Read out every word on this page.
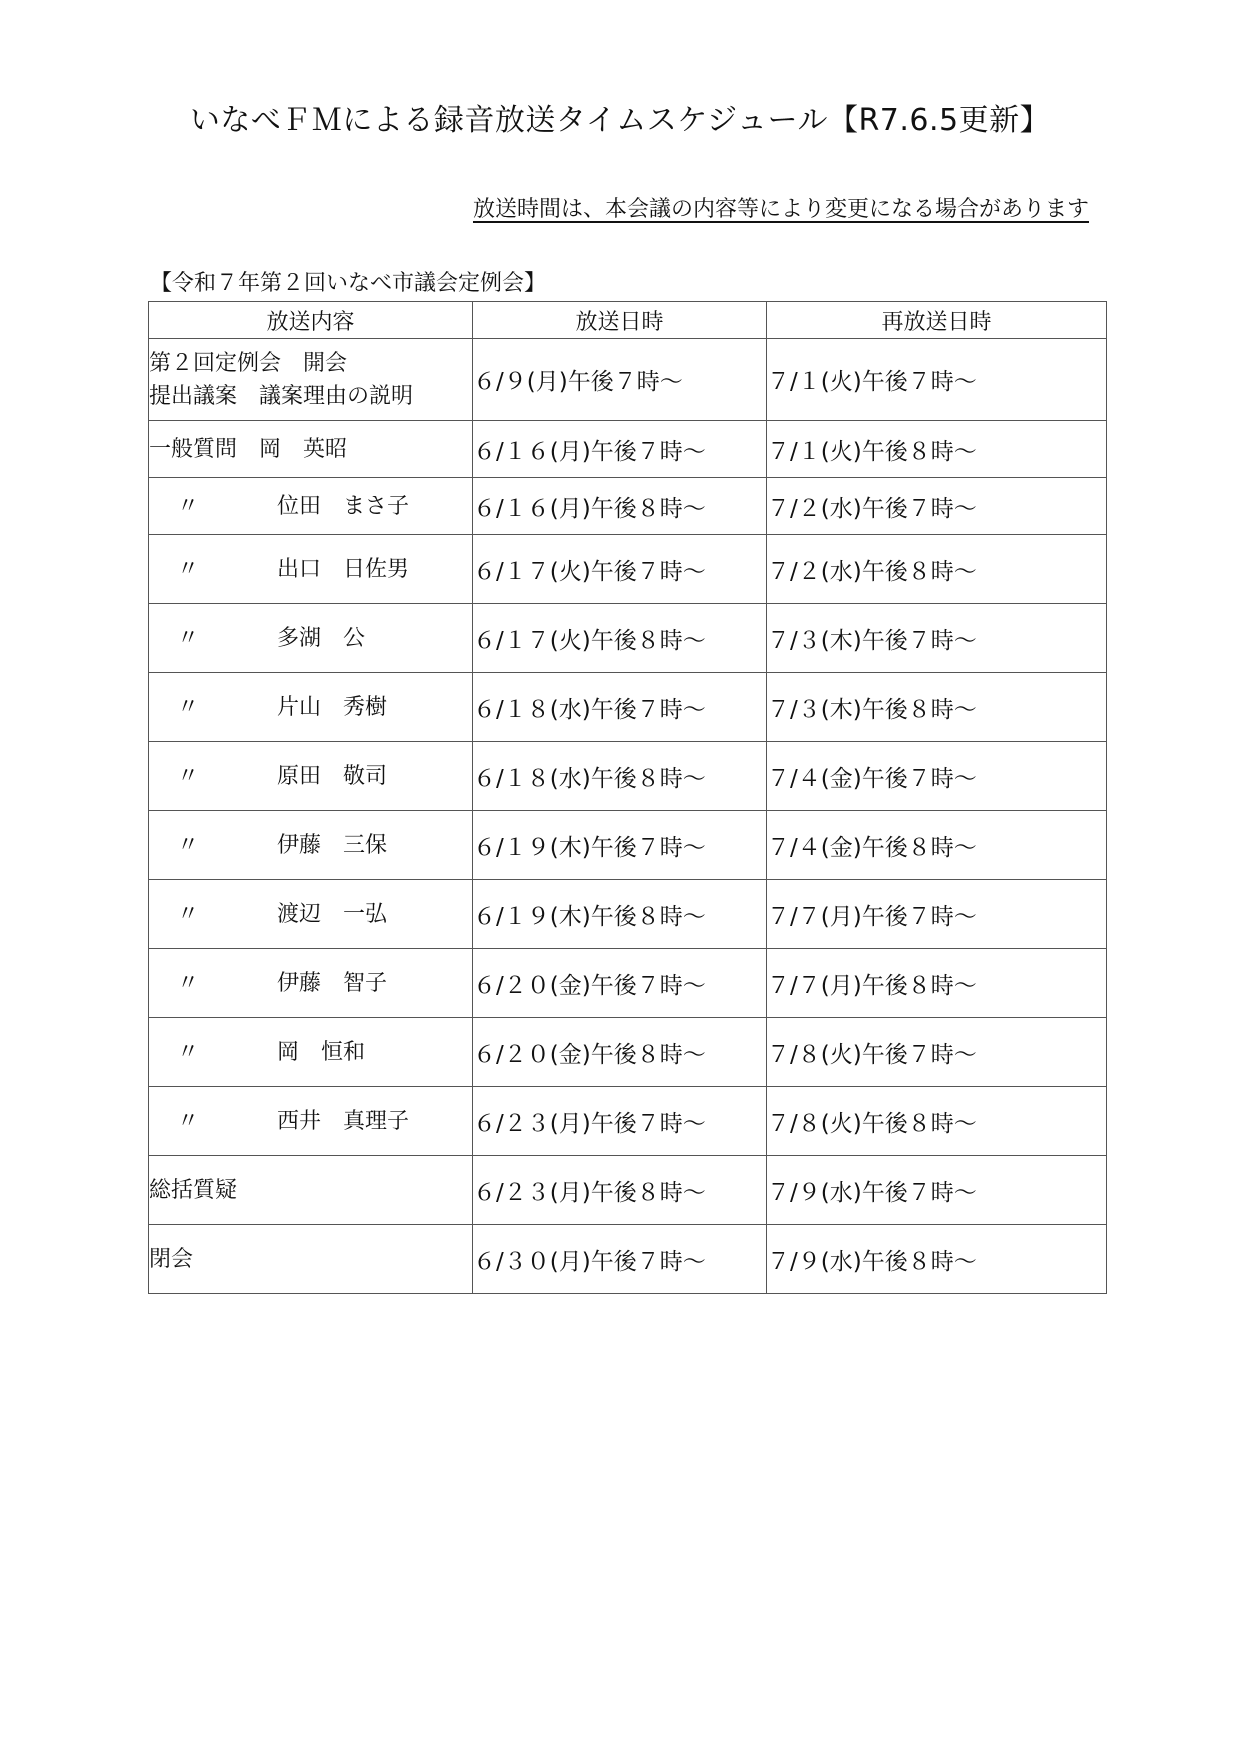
いなべＦＭによる録音放送タイムスケジュール【R7.6.5更新】
放送時間は、本会議の内容等により変更になる場合があります
【令和７年第２回いなべ市議会定例会】
放送内容	放送日時	再放送日時

第２回定例会　開会
提出議案　議案理由の説明	６/９(月)午後７時～	７/１(火)午後７時～
一般質問　岡　英昭	６/１６(月)午後７時～	７/１(火)午後８時～
〃 位田　まさ子	６/１６(月)午後８時～	７/２(水)午後７時～
〃 出口　日佐男	６/１７(火)午後７時～	７/２(水)午後８時～
〃 多湖　公	６/１７(火)午後８時～	７/３(木)午後７時～
〃 片山　秀樹	６/１８(水)午後７時～	７/３(木)午後８時～
〃 原田　敬司	６/１８(水)午後８時～	７/４(金)午後７時～
〃 伊藤　三保	６/１９(木)午後７時～	７/４(金)午後８時～
〃 渡辺　一弘	６/１９(木)午後８時～	７/７(月)午後７時～
〃 伊藤　智子	６/２０(金)午後７時～	７/７(月)午後８時～
〃 岡　恒和	６/２０(金)午後８時～	７/８(火)午後７時～
〃 西井　真理子	６/２３(月)午後７時～	７/８(火)午後８時～
総括質疑	６/２３(月)午後８時～	７/９(水)午後７時～
閉会	６/３０(月)午後７時～	７/９(水)午後８時～
